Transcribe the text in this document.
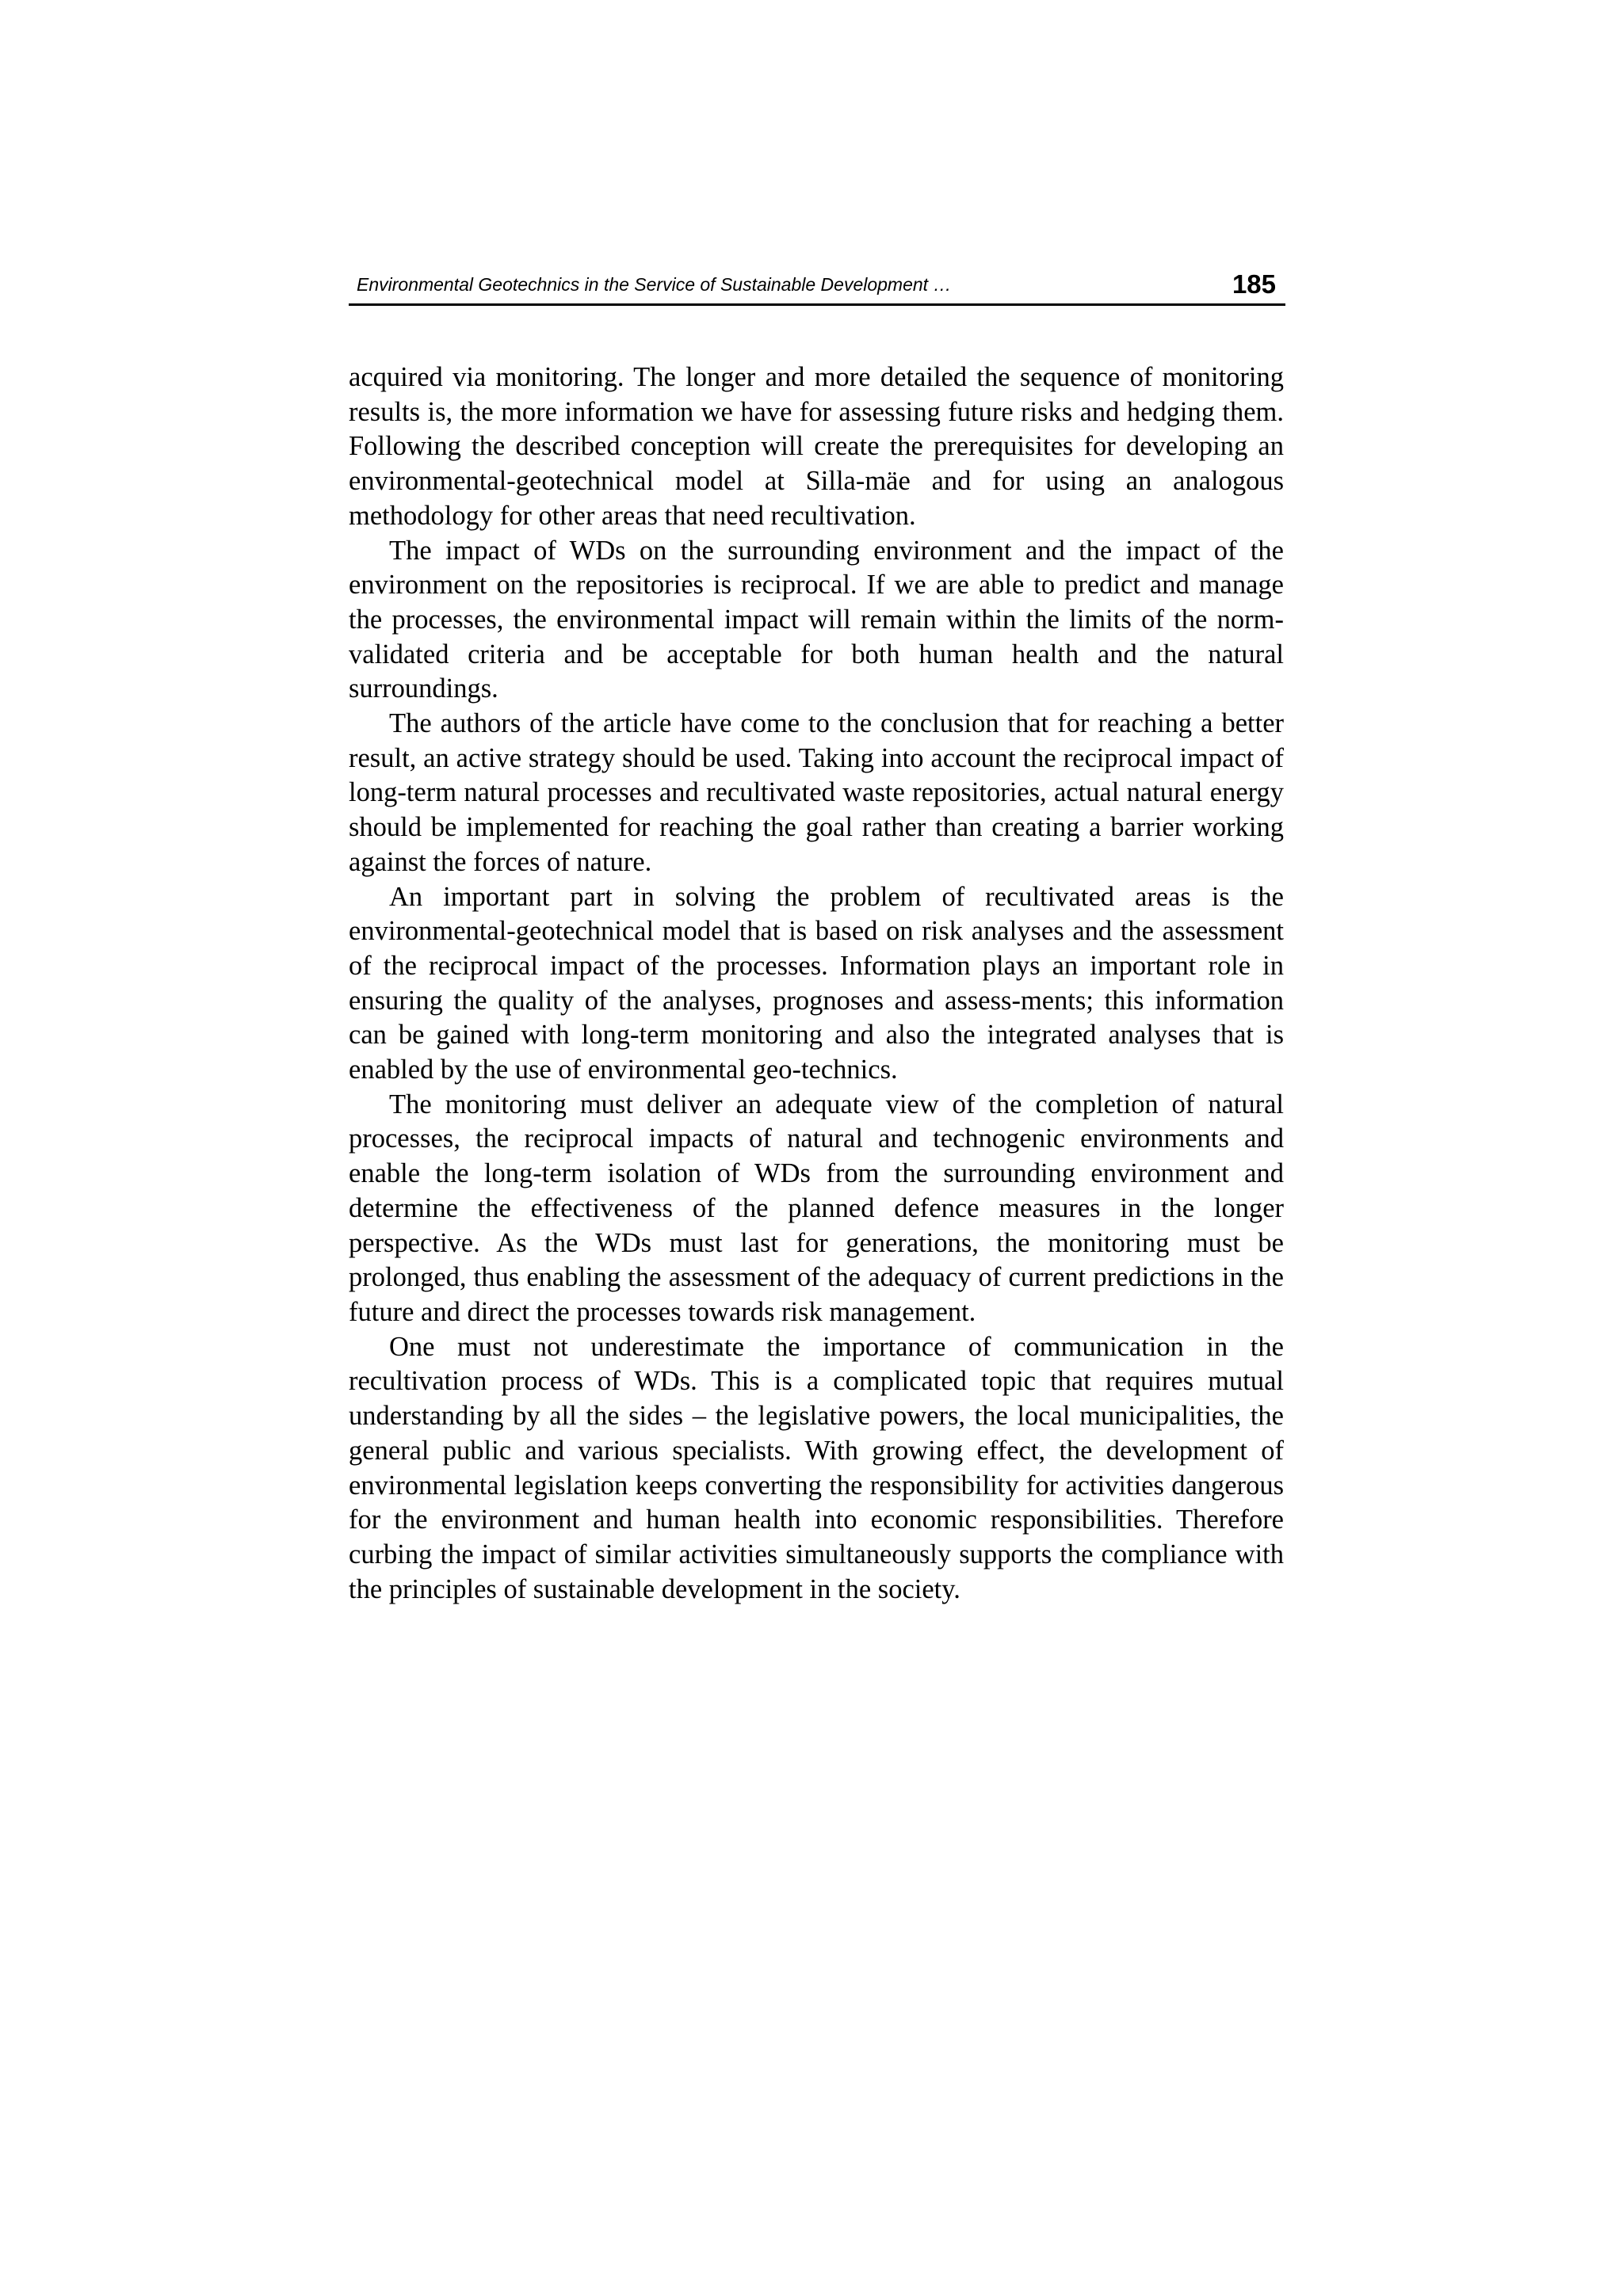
Environmental Geotechnics in the Service of Sustainable Development …	185

acquired via monitoring. The longer and more detailed the sequence of monitoring results is, the more information we have for assessing future risks and hedging them. Following the described conception will create the prerequisites for developing an environmental-geotechnical model at Silla-mäe and for using an analogous methodology for other areas that need recultivation.

The impact of WDs on the surrounding environment and the impact of the environment on the repositories is reciprocal. If we are able to predict and manage the processes, the environmental impact will remain within the limits of the norm-validated criteria and be acceptable for both human health and the natural surroundings.

The authors of the article have come to the conclusion that for reaching a better result, an active strategy should be used. Taking into account the reciprocal impact of long-term natural processes and recultivated waste repositories, actual natural energy should be implemented for reaching the goal rather than creating a barrier working against the forces of nature.

An important part in solving the problem of recultivated areas is the environmental-geotechnical model that is based on risk analyses and the assessment of the reciprocal impact of the processes. Information plays an important role in ensuring the quality of the analyses, prognoses and assess-ments; this information can be gained with long-term monitoring and also the integrated analyses that is enabled by the use of environmental geo-technics.

The monitoring must deliver an adequate view of the completion of natural processes, the reciprocal impacts of natural and technogenic environments and enable the long-term isolation of WDs from the surrounding environment and determine the effectiveness of the planned defence measures in the longer perspective. As the WDs must last for generations, the monitoring must be prolonged, thus enabling the assessment of the adequacy of current predictions in the future and direct the processes towards risk management.

One must not underestimate the importance of communication in the recultivation process of WDs. This is a complicated topic that requires mutual understanding by all the sides – the legislative powers, the local municipalities, the general public and various specialists. With growing effect, the development of environmental legislation keeps converting the responsibility for activities dangerous for the environment and human health into economic responsibilities. Therefore curbing the impact of similar activities simultaneously supports the compliance with the principles of sustainable development in the society.
